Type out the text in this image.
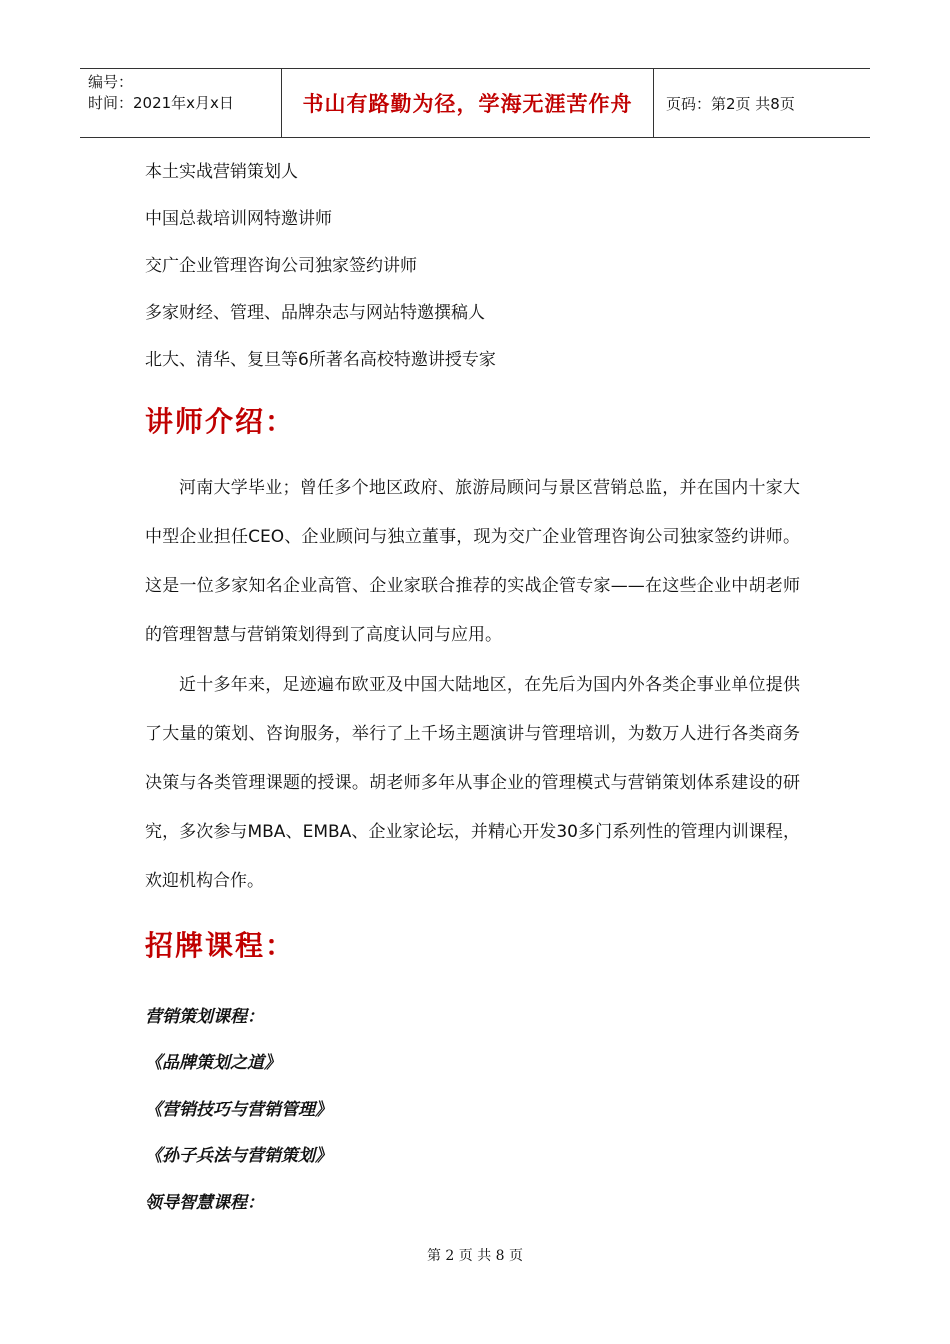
编号：
时间：2021年x月x日	书山有路勤为径，学海无涯苦作舟	页码：第2页 共8页
本土实战营销策划人
中国总裁培训网特邀讲师
交广企业管理咨询公司独家签约讲师
多家财经、管理、品牌杂志与网站特邀撰稿人
北大、清华、复旦等6所著名高校特邀讲授专家
讲师介绍：

河南大学毕业；曾任多个地区政府、旅游局顾问与景区营销总监，并在国内十家大中型企业担任CEO、企业顾问与独立董事，现为交广企业管理咨询公司独家签约讲师。这是一位多家知名企业高管、企业家联合推荐的实战企管专家——在这些企业中胡老师的管理智慧与营销策划得到了高度认同与应用。

近十多年来，足迹遍布欧亚及中国大陆地区，在先后为国内外各类企事业单位提供了大量的策划、咨询服务，举行了上千场主题演讲与管理培训，为数万人进行各类商务决策与各类管理课题的授课。胡老师多年从事企业的管理模式与营销策划体系建设的研究，多次参与MBA、EMBA、企业家论坛，并精心开发30多门系列性的管理内训课程，欢迎机构合作。

招牌课程：
营销策划课程：
《品牌策划之道》
《营销技巧与营销管理》
《孙子兵法与营销策划》
领导智慧课程：
第 2 页 共 8 页
